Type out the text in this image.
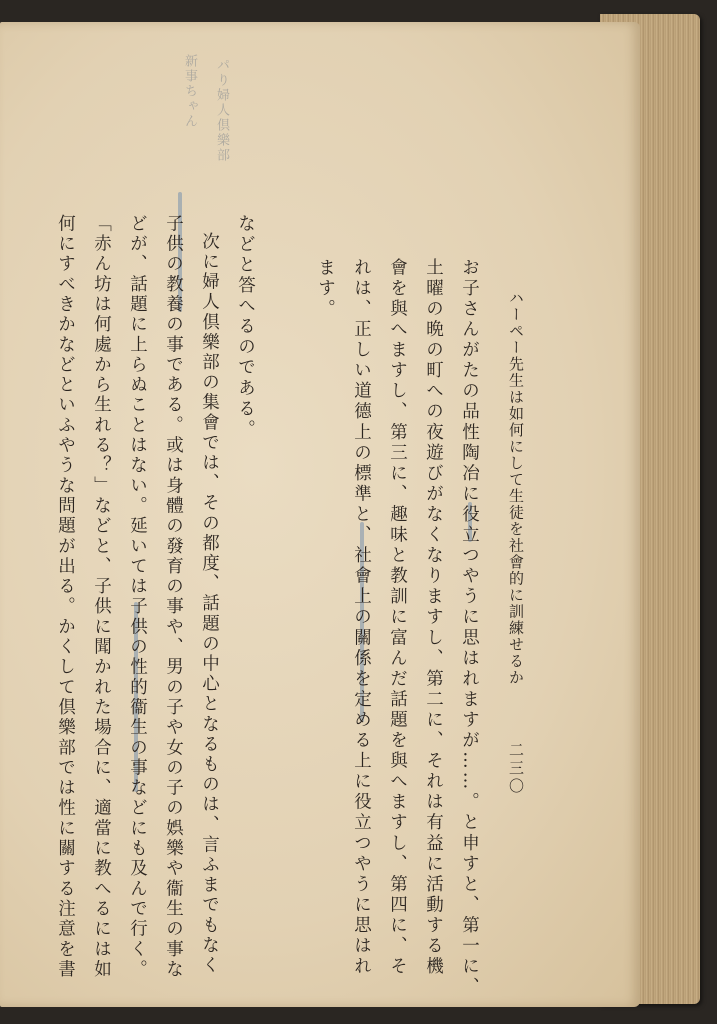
パり婦人倶樂部
新事ちゃん
ハーペー先生は如何にして生徒を社會的に訓練せるか
二三〇

お子さんがたの品性陶冶に役立つやうに思はれますが……。と申すと、第一に、

土曜の晩の町への夜遊びがなくなりますし、第二に、それは有益に活動する機

會を與へますし、第三に、趣味と教訓に富んだ話題を與へますし、第四に、そ

れは、正しい道德上の標準と、社會上の關係を定める上に役立つやうに思はれ

ます。

などと答へるのである。

次に婦人倶樂部の集會では、その都度、話題の中心となるものは、言ふまでもなく

子供の教養の事である。或は身體の發育の事や、男の子や女の子の娯樂や衞生の事な

どが、話題に上らぬことはない。延いては子供の性的衞生の事などにも及んで行く。

「赤ん坊は何處から生れる？」などと、子供に聞かれた場合に、適當に教へるには如

何にすべきかなどといふやうな問題が出る。かくして倶樂部では性に關する注意を書
